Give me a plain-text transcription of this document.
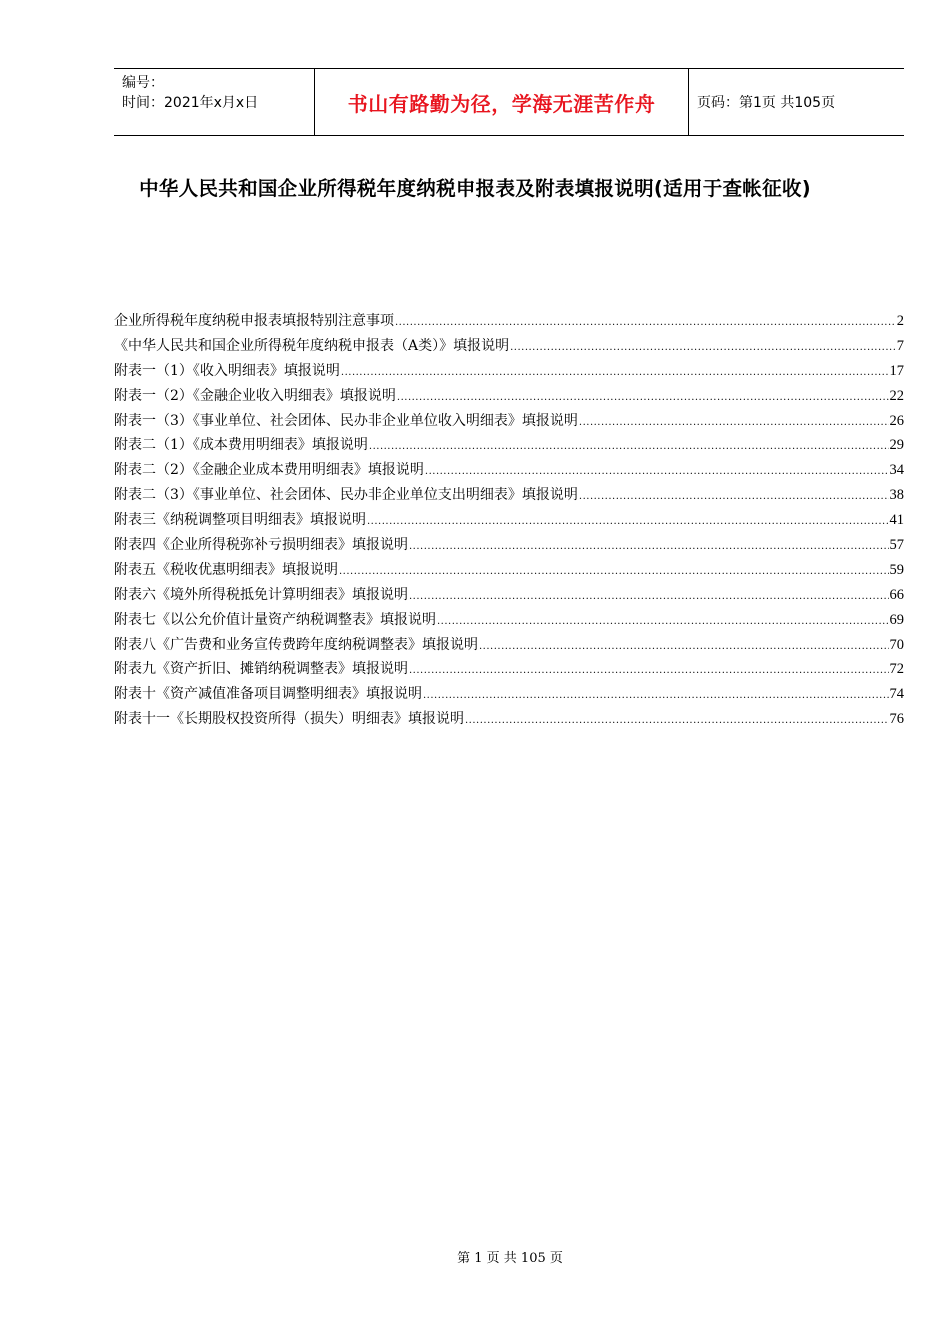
编号：
时间：2021年x月x日	书山有路勤为径，学海无涯苦作舟	页码：第1页 共105页
中华人民共和国企业所得税年度纳税申报表及附表填报说明(适用于查帐征收)
企业所得税年度纳税申报表填报特别注意事项 .....	2
《中华人民共和国企业所得税年度纳税申报表（A类）》填报说明 .....	7
附表一（1）《收入明细表》填报说明 .....	17
附表一（2）《金融企业收入明细表》填报说明 .....	22
附表一（3）《事业单位、社会团体、民办非企业单位收入明细表》填报说明 .....	26
附表二（1）《成本费用明细表》填报说明 .....	29
附表二（2）《金融企业成本费用明细表》填报说明 .....	34
附表二（3）《事业单位、社会团体、民办非企业单位支出明细表》填报说明 .....	38
附表三《纳税调整项目明细表》填报说明 .....	41
附表四《企业所得税弥补亏损明细表》填报说明 .....	57
附表五《税收优惠明细表》填报说明 .....	59
附表六《境外所得税抵免计算明细表》填报说明 .....	66
附表七《以公允价值计量资产纳税调整表》填报说明 .....	69
附表八《广告费和业务宣传费跨年度纳税调整表》填报说明 .....	70
附表九《资产折旧、摊销纳税调整表》填报说明 .....	72
附表十《资产减值准备项目调整明细表》填报说明 .....	74
附表十一《长期股权投资所得（损失）明细表》填报说明 .....	76
第 1 页 共 105 页
